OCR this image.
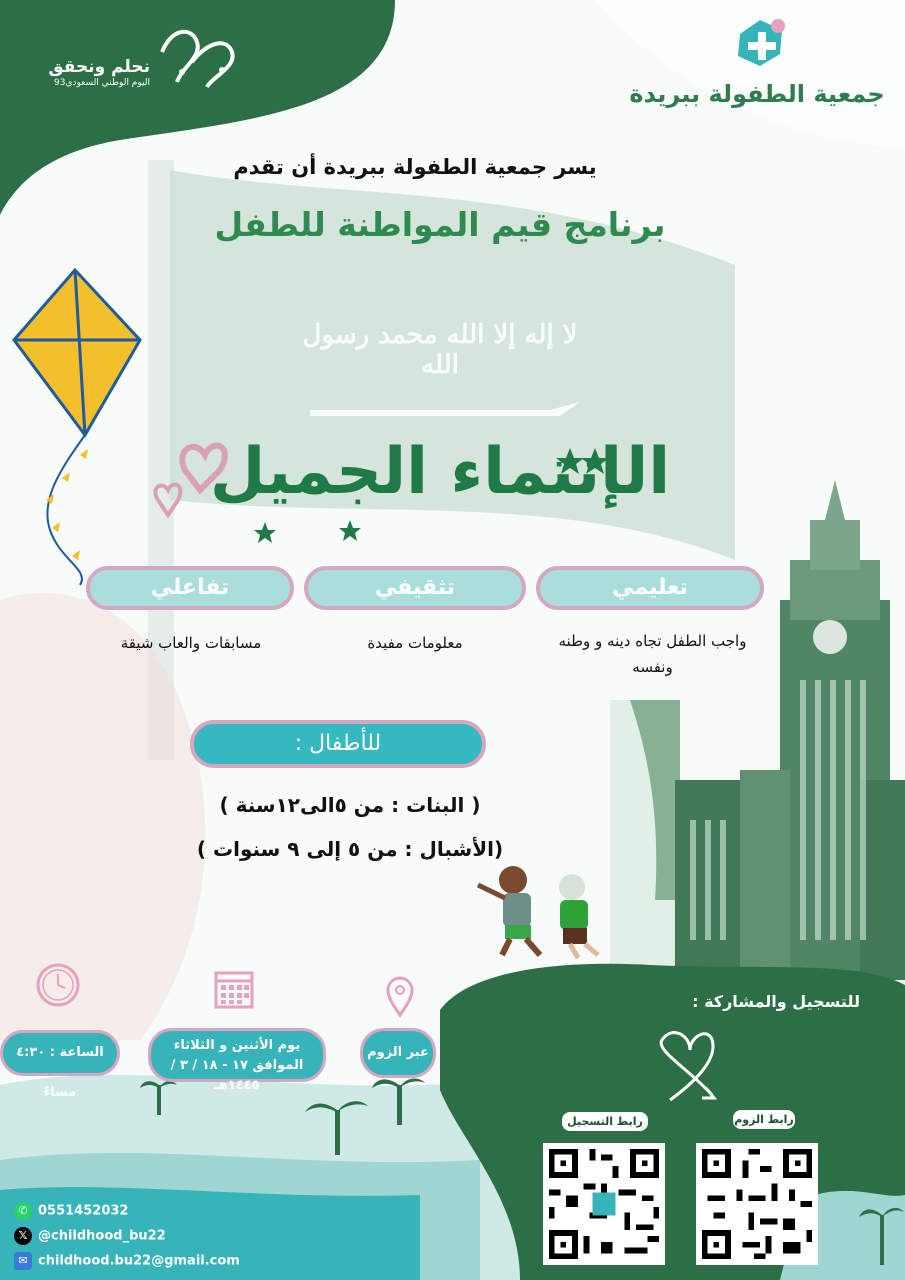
جمعية الطفولة ببريدة
نحلم ونحقق
اليوم الوطني السعودي93
لا إله إلا الله محمد رسول الله
يسر جمعية الطفولة ببريدة أن تقدم
برنامج قيم المواطنة للطفل
الإنتماء الجميل
تعليمي
تثقيفي
تفاعلي
واجب الطفل تجاه دينه و وطنه ونفسه
معلومات مفيدة
مسابقات والعاب شيقة
للأطفال :
( البنات : من ٥الى١٢سنة )
(الأشبال : من ٥ إلى ٩ سنوات )
الساعة : ٤:٣٠ مساءً
يوم الأثنين و الثلاثاء
الموافق ١٧ - ١٨ / ٣ / ١٤٤٥هـ
عبر الزوم
للتسجيل والمشاركة :
رابط التسجيل	رابط الزوم
✆ 0551452032
𝕏 @childhood_bu22
✉ childhood.bu22@gmail.com
